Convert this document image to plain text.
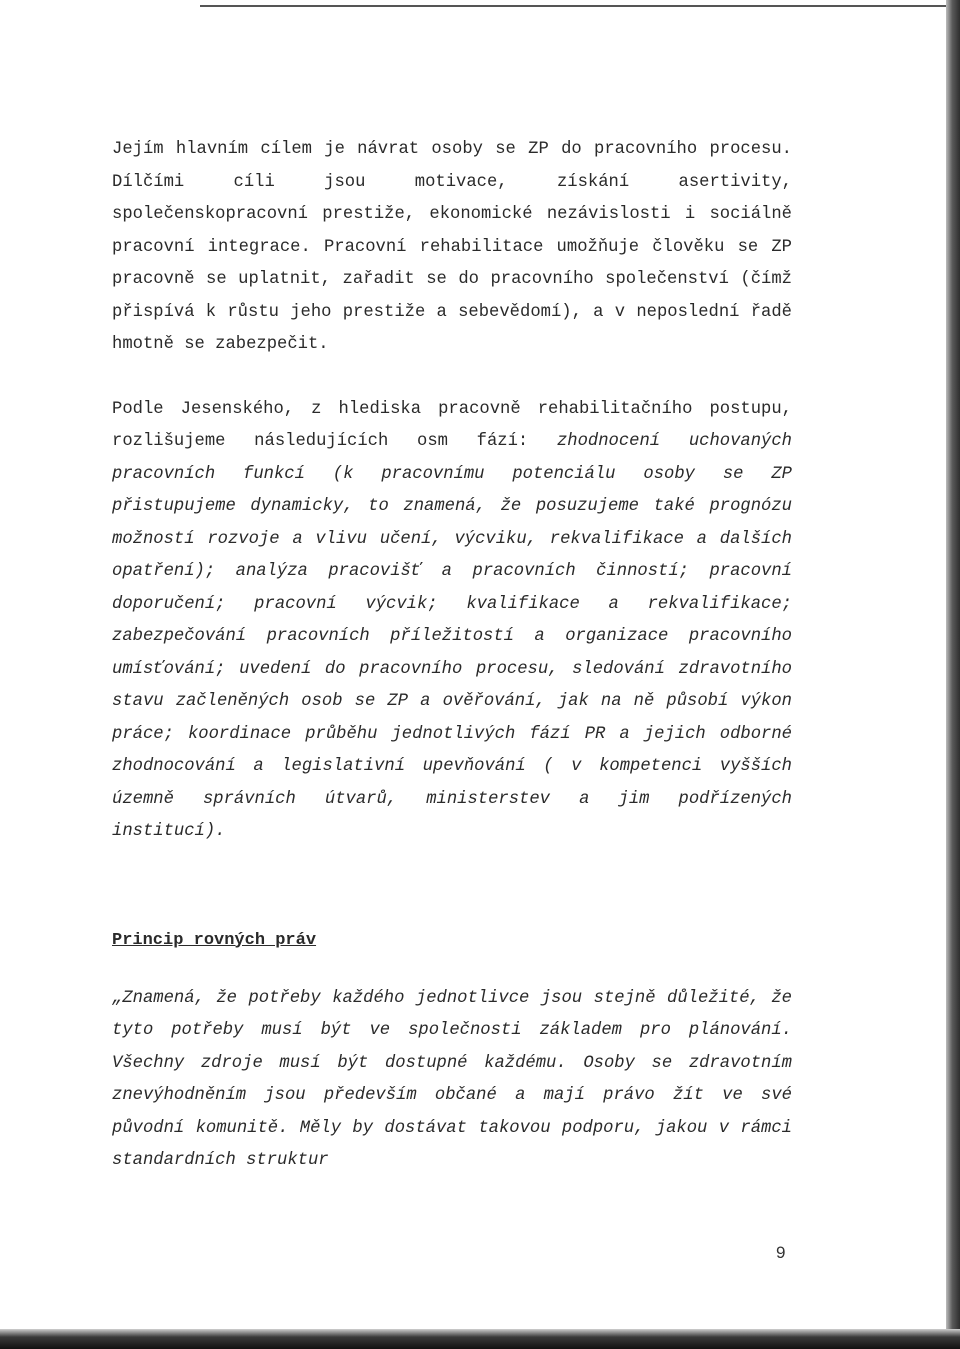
Jejím hlavním cílem je návrat osoby se ZP do pracovního procesu. Dílčími cíli jsou motivace, získání asertivity, společenskopracovní prestiže, ekonomické nezávislosti i sociálně pracovní integrace. Pracovní rehabilitace umožňuje člověku se ZP pracovně se uplatnit, zařadit se do pracovního společenství (čímž přispívá k růstu jeho prestiže a sebevědomí), a v neposlední řadě hmotně se zabezpečit.

Podle Jesenského, z hlediska pracovně rehabilitačního postupu, rozlišujeme následujících osm fází: zhodnocení uchovaných pracovních funkcí (k pracovnímu potenciálu osoby se ZP přistupujeme dynamicky, to znamená, že posuzujeme také prognózu možností rozvoje a vlivu učení, výcviku, rekvalifikace a dalších opatření); analýza pracovišť a pracovních činností; pracovní doporučení; pracovní výcvik; kvalifikace a rekvalifikace; zabezpečování pracovních příležitostí a organizace pracovního umísťování; uvedení do pracovního procesu, sledování zdravotního stavu začleněných osob se ZP a ověřování, jak na ně působí výkon práce; koordinace průběhu jednotlivých fází PR a jejich odborné zhodnocování a legislativní upevňování ( v kompetenci vyšších územně správních útvarů, ministerstev a jim podřízených institucí).

Princip rovných práv

„Znamená, že potřeby každého jednotlivce jsou stejně důležité, že tyto potřeby musí být ve společnosti základem pro plánování. Všechny zdroje musí být dostupné každému. Osoby se zdravotním znevýhodněním jsou především občané a mají právo žít ve své původní komunitě. Měly by dostávat takovou podporu, jakou v rámci standardních struktur

9
